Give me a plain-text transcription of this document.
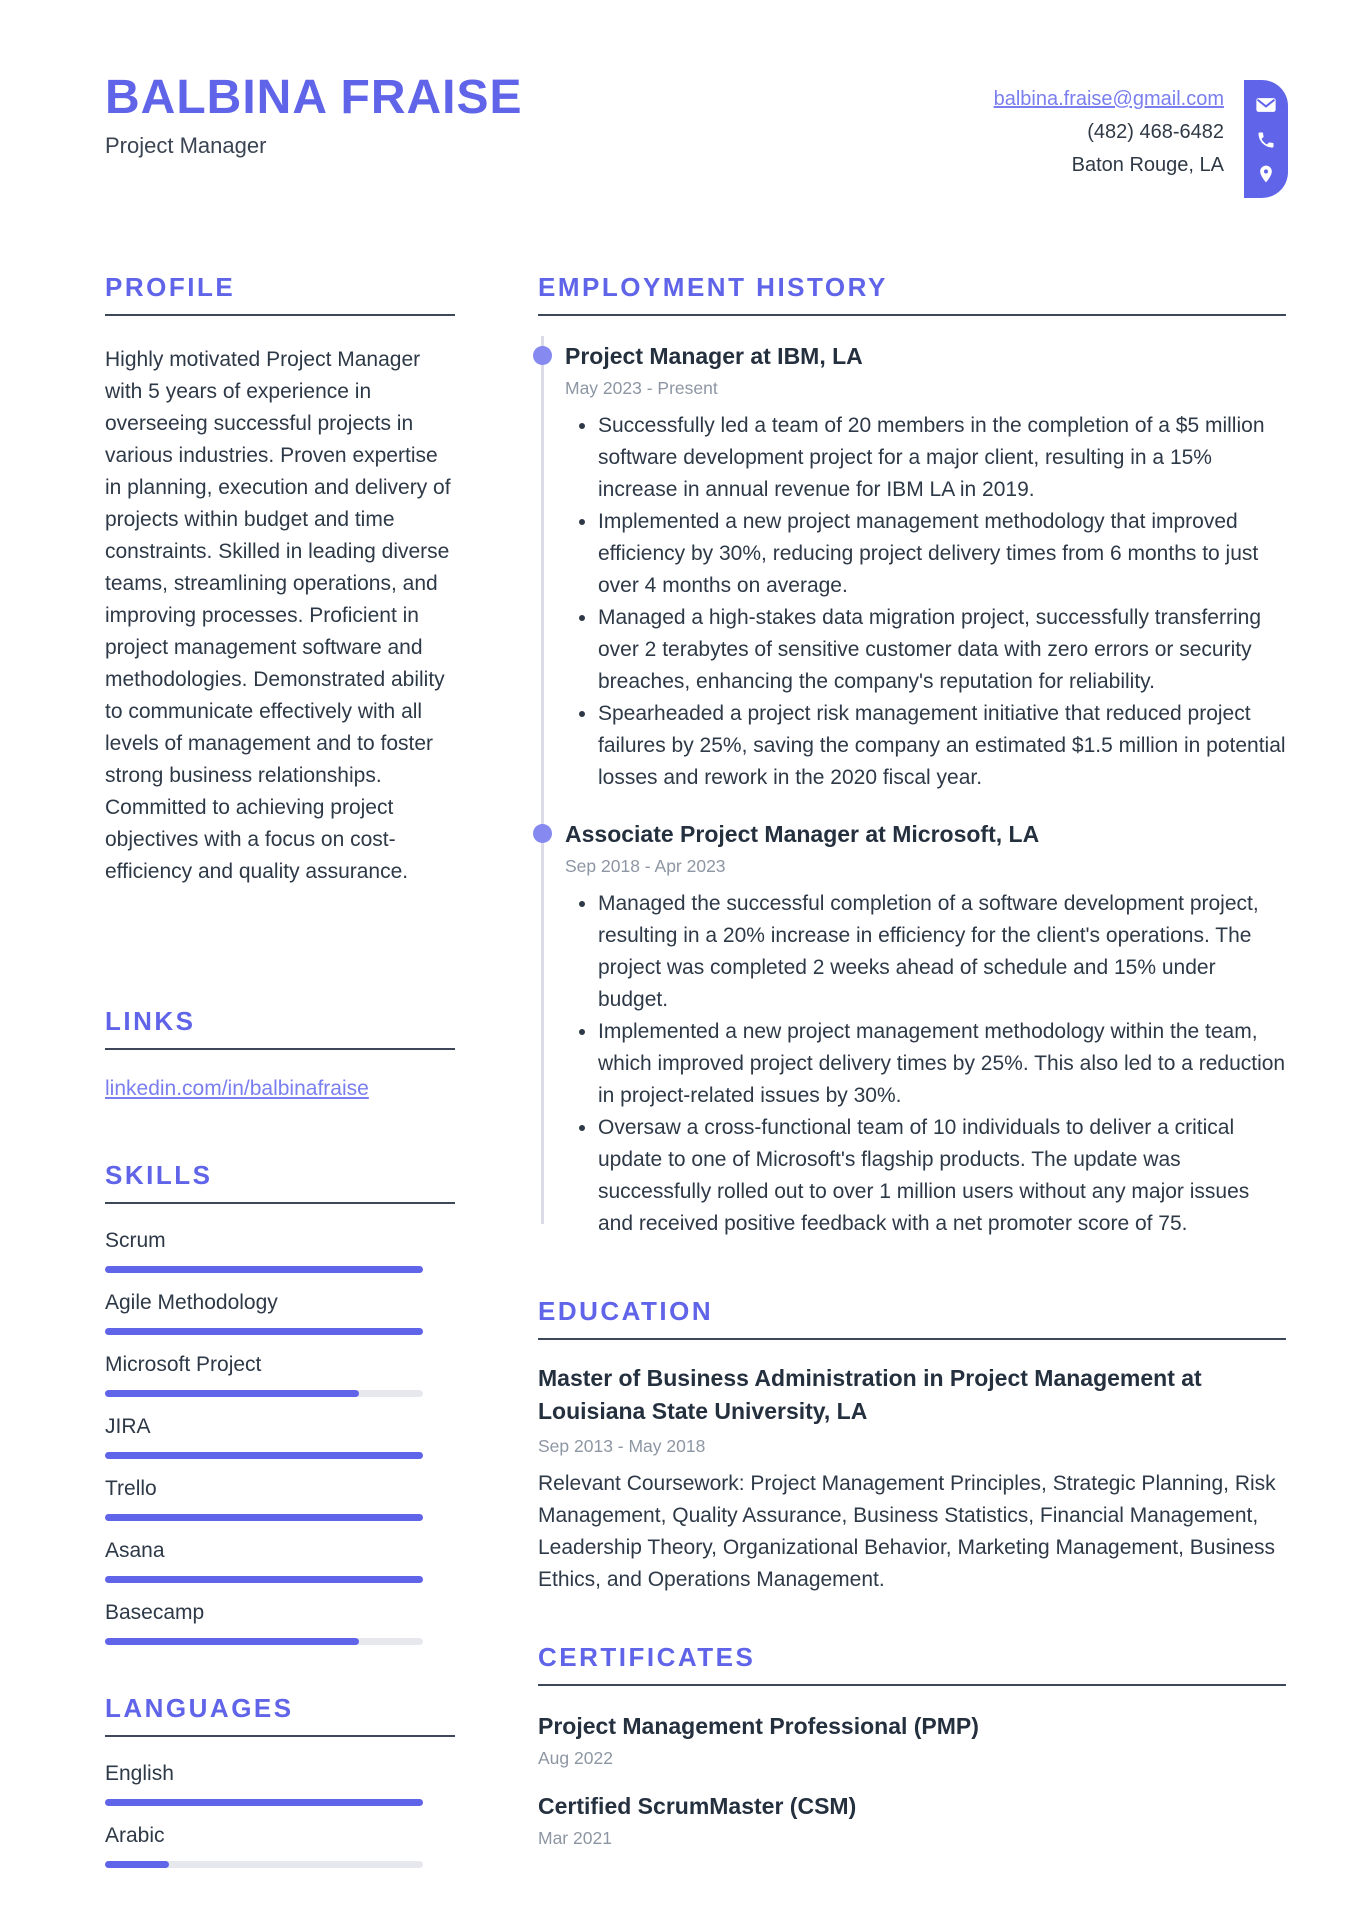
BALBINA FRAISE
Project Manager
balbina.fraise@gmail.com
(482) 468-6482
Baton Rouge, LA
PROFILE
Highly motivated Project Manager with 5 years of experience in overseeing successful projects in various industries. Proven expertise in planning, execution and delivery of projects within budget and time constraints. Skilled in leading diverse teams, streamlining operations, and improving processes. Proficient in project management software and methodologies. Demonstrated ability to communicate effectively with all levels of management and to foster strong business relationships. Committed to achieving project objectives with a focus on cost-efficiency and quality assurance.
LINKS
linkedin.com/in/balbinafraise
SKILLS
Scrum
Agile Methodology
Microsoft Project
JIRA
Trello
Asana
Basecamp
LANGUAGES
English
Arabic
EMPLOYMENT HISTORY
Project Manager at IBM, LA
May 2023 - Present
• Successfully led a team of 20 members in the completion of a $5 million software development project for a major client, resulting in a 15% increase in annual revenue for IBM LA in 2019.
• Implemented a new project management methodology that improved efficiency by 30%, reducing project delivery times from 6 months to just over 4 months on average.
• Managed a high-stakes data migration project, successfully transferring over 2 terabytes of sensitive customer data with zero errors or security breaches, enhancing the company's reputation for reliability.
• Spearheaded a project risk management initiative that reduced project failures by 25%, saving the company an estimated $1.5 million in potential losses and rework in the 2020 fiscal year.
Associate Project Manager at Microsoft, LA
Sep 2018 - Apr 2023
• Managed the successful completion of a software development project, resulting in a 20% increase in efficiency for the client's operations. The project was completed 2 weeks ahead of schedule and 15% under budget.
• Implemented a new project management methodology within the team, which improved project delivery times by 25%. This also led to a reduction in project-related issues by 30%.
• Oversaw a cross-functional team of 10 individuals to deliver a critical update to one of Microsoft's flagship products. The update was successfully rolled out to over 1 million users without any major issues and received positive feedback with a net promoter score of 75.
EDUCATION
Master of Business Administration in Project Management at Louisiana State University, LA
Sep 2013 - May 2018
Relevant Coursework: Project Management Principles, Strategic Planning, Risk Management, Quality Assurance, Business Statistics, Financial Management, Leadership Theory, Organizational Behavior, Marketing Management, Business Ethics, and Operations Management.
CERTIFICATES
Project Management Professional (PMP)
Aug 2022
Certified ScrumMaster (CSM)
Mar 2021
